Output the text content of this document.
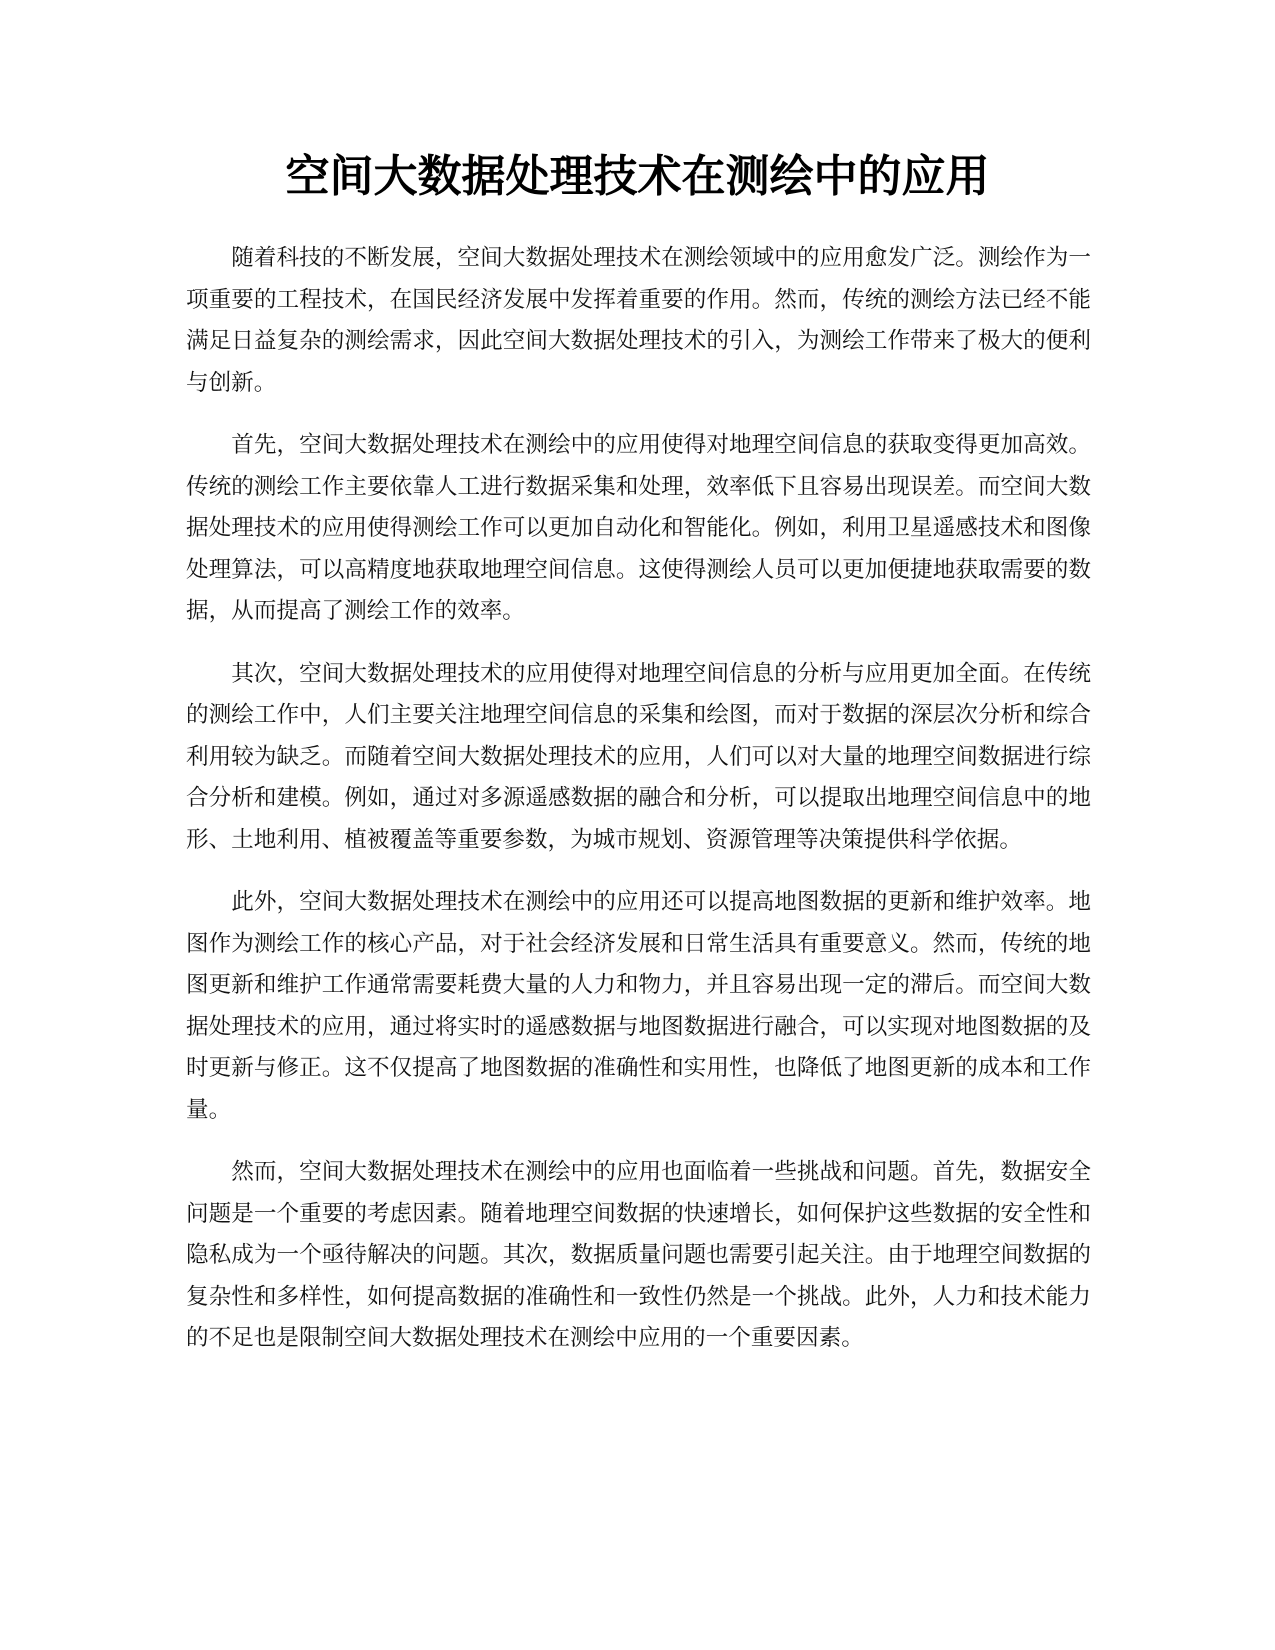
空间大数据处理技术在测绘中的应用

随着科技的不断发展，空间大数据处理技术在测绘领域中的应用愈发广泛。测绘作为一项重要的工程技术，在国民经济发展中发挥着重要的作用。然而，传统的测绘方法已经不能满足日益复杂的测绘需求，因此空间大数据处理技术的引入，为测绘工作带来了极大的便利与创新。

首先，空间大数据处理技术在测绘中的应用使得对地理空间信息的获取变得更加高效。传统的测绘工作主要依靠人工进行数据采集和处理，效率低下且容易出现误差。而空间大数据处理技术的应用使得测绘工作可以更加自动化和智能化。例如，利用卫星遥感技术和图像处理算法，可以高精度地获取地理空间信息。这使得测绘人员可以更加便捷地获取需要的数据，从而提高了测绘工作的效率。

其次，空间大数据处理技术的应用使得对地理空间信息的分析与应用更加全面。在传统的测绘工作中，人们主要关注地理空间信息的采集和绘图，而对于数据的深层次分析和综合利用较为缺乏。而随着空间大数据处理技术的应用，人们可以对大量的地理空间数据进行综合分析和建模。例如，通过对多源遥感数据的融合和分析，可以提取出地理空间信息中的地形、土地利用、植被覆盖等重要参数，为城市规划、资源管理等决策提供科学依据。

此外，空间大数据处理技术在测绘中的应用还可以提高地图数据的更新和维护效率。地图作为测绘工作的核心产品，对于社会经济发展和日常生活具有重要意义。然而，传统的地图更新和维护工作通常需要耗费大量的人力和物力，并且容易出现一定的滞后。而空间大数据处理技术的应用，通过将实时的遥感数据与地图数据进行融合，可以实现对地图数据的及时更新与修正。这不仅提高了地图数据的准确性和实用性，也降低了地图更新的成本和工作量。

然而，空间大数据处理技术在测绘中的应用也面临着一些挑战和问题。首先，数据安全问题是一个重要的考虑因素。随着地理空间数据的快速增长，如何保护这些数据的安全性和隐私成为一个亟待解决的问题。其次，数据质量问题也需要引起关注。由于地理空间数据的复杂性和多样性，如何提高数据的准确性和一致性仍然是一个挑战。此外，人力和技术能力的不足也是限制空间大数据处理技术在测绘中应用的一个重要因素。
